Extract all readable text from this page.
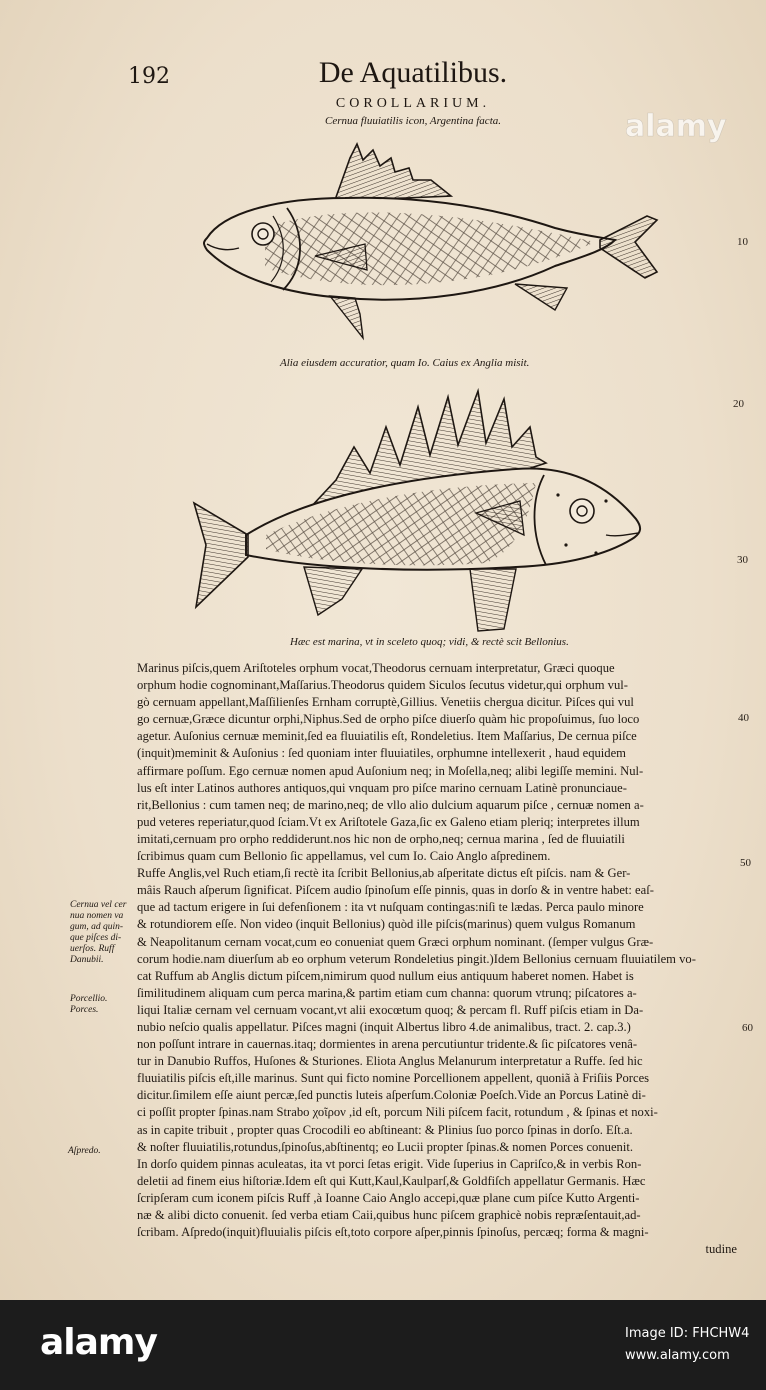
192	De Aquatilibus.
COROLLARIUM.
Cernua fluuiatilis icon, Argentina facta.	alamy
Alia eiusdem accuratior, quam Io. Caius ex Anglia misit.
Hæc est marina, vt in sceleto quoq; vidi, & rectè scit Bellonius.
10
20
30
40
50
60
Cernua vel cer nua nomen va gum, ad quin- que piſces di- uerſos. Ruff Danubii.
Porcellio. Porces.
Aſpredo.
Marinus piſcis,quem Ariſtoteles orphum vocat,Theodorus cernuam interpretatur, Græci quoque
orphum hodie cognominant,Maſſarius.Theodorus quidem Siculos ſecutus videtur,qui orphum vul-
gò cernuam appellant,Maſſilienſes Ernham corruptè,Gillius. Venetiis chergua dicitur. Piſces qui vul
go cernuæ,Græce dicuntur orphi,Niphus.Sed de orpho piſce diuerſo quàm hic propoſuimus, ſuo loco
agetur. Auſonius cernuæ meminit,ſed ea fluuiatilis eſt, Rondeletius. Item Maſſarius, De cernua piſce
(inquit)meminit & Auſonius : ſed quoniam inter fluuiatiles, orphumne intellexerit , haud equidem
affirmare poſſum. Ego cernuæ nomen apud Auſonium neq; in Moſella,neq; alibi legiſſe memini. Nul-
lus eſt inter Latinos authores antiquos,qui vnquam pro piſce marino cernuam Latinè pronunciaue-
rit,Bellonius : cum tamen neq; de marino,neq; de vllo alio dulcium aquarum piſce , cernuæ nomen a-
pud veteres reperiatur,quod ſciam.Vt ex Ariſtotele Gaza,ſic ex Galeno etiam pleriq; interpretes illum
imitati,cernuam pro orpho reddiderunt.nos hic non de orpho,neq; cernua marina , ſed de fluuiatili
ſcribimus quam cum Bellonio ſic appellamus, vel cum Io. Caio Anglo aſpredinem.
Ruffe Anglis,vel Ruch etiam,ſi rectè ita ſcribit Bellonius,ab aſperitate dictus eſt piſcis. nam & Ger-
mâis Rauch aſperum ſignificat. Piſcem audio ſpinoſum eſſe pinnis, quas in dorſo & in ventre habet: eaſ-
que ad tactum erigere in ſui defenſionem : ita vt nuſquam contingas:niſi te lædas. Perca paulo minore
& rotundiorem eſſe. Non video (inquit Bellonius) quòd ille piſcis(marinus) quem vulgus Romanum
& Neapolitanum cernam vocat,cum eo conueniat quem Græci orphum nominant. (ſemper vulgus Græ-
corum hodie.nam diuerſum ab eo orphum veterum Rondeletius pingit.)Idem Bellonius cernuam fluuiatilem vo-
cat Ruffum ab Anglis dictum piſcem,nimirum quod nullum eius antiquum haberet nomen. Habet is
ſimilitudinem aliquam cum perca marina,& partim etiam cum channa: quorum vtrunq; piſcatores a-
liqui Italiæ cernam vel cernuam vocant,vt alii exocœtum quoq; & percam fl. Ruff piſcis etiam in Da-
nubio neſcio qualis appellatur. Piſces magni (inquit Albertus libro 4.de animalibus, tract. 2. cap.3.)
non poſſunt intrare in cauernas.itaq; dormientes in arena percutiuntur tridente.& ſic piſcatores venâ-
tur in Danubio Ruffos, Huſones & Sturiones. Eliota Anglus Melanurum interpretatur a Ruffe. ſed hic
fluuiatilis piſcis eſt,ille marinus. Sunt qui ficto nomine Porcellionem appellent, quoniã à Friſiis Porces
dicitur.ſimilem eſſe aiunt percæ,ſed punctis luteis aſperſum.Coloniæ Poeſch.Vide an Porcus Latinè di-
ci poſſit propter ſpinas.nam Strabo χοῖρον ,id eſt, porcum Nili piſcem facit, rotundum , & ſpinas et noxi-
as in capite tribuit , propter quas Crocodili eo abſtineant: & Plinius ſuo porco ſpinas in dorſo. Eſt.a.
& noſter fluuiatilis,rotundus,ſpinoſus,abſtinentq; eo Lucii propter ſpinas.& nomen Porces conuenit.
In dorſo quidem pinnas aculeatas, ita vt porci ſetas erigit. Vide ſuperius in Capriſco,& in verbis Ron-
deletii ad finem eius hiſtoriæ.Idem eſt qui Kutt,Kaul,Kaulparſ,& Goldfiſch appellatur Germanis. Hæc
ſcripſeram cum iconem piſcis Ruff ,à Ioanne Caio Anglo accepi,quæ plane cum piſce Kutto Argenti-
næ & alibi dicto conuenit. ſed verba etiam Caii,quibus hunc piſcem graphicè nobis repræſentauit,ad-
ſcribam. Aſpredo(inquit)fluuialis piſcis eſt,toto corpore aſper,pinnis ſpinoſus, percæq; forma & magni-
tudine
alamy	Image ID: FHCHW4
www.alamy.com
